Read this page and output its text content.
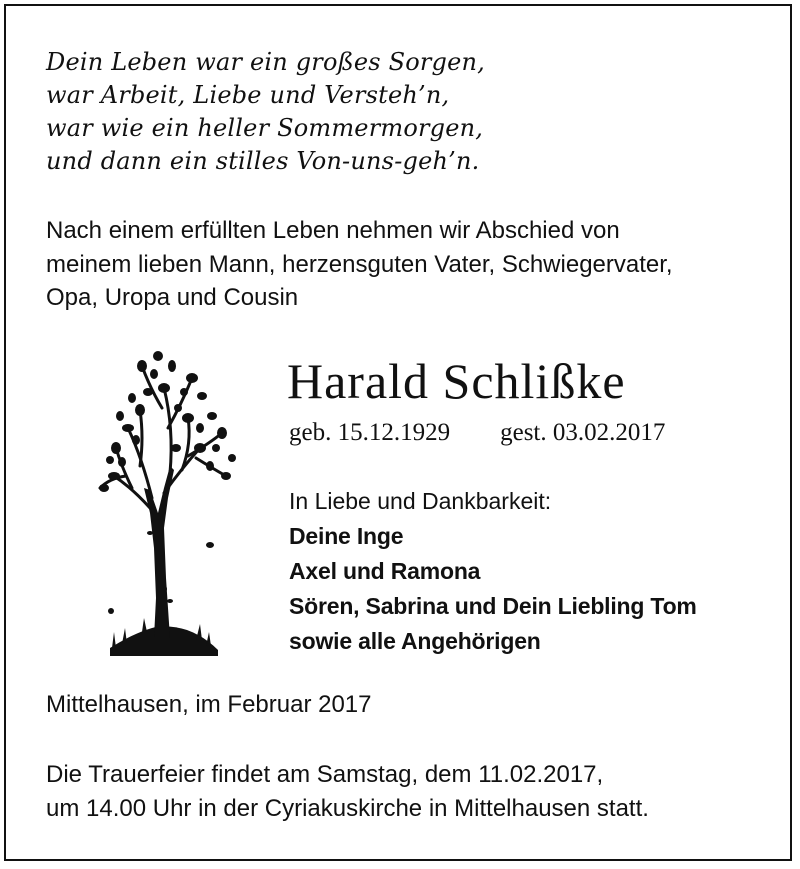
Dein Leben war ein großes Sorgen,
war Arbeit, Liebe und Versteh’n,
war wie ein heller Sommermorgen,
und dann ein stilles Von-uns-geh’n.
Nach einem erfüllten Leben nehmen wir Abschied von
meinem lieben Mann, herzensguten Vater, Schwiegervater,
Opa, Uropa und Cousin
Harald Schlißke
geb. 15.12.1929 gest. 03.02.2017
In Liebe und Dankbarkeit:
Deine Inge
Axel und Ramona
Sören, Sabrina und Dein Liebling Tom
sowie alle Angehörigen
Mittelhausen, im Februar 2017
Die Trauerfeier findet am Samstag, dem 11.02.2017,
um 14.00 Uhr in der Cyriakuskirche in Mittelhausen statt.
